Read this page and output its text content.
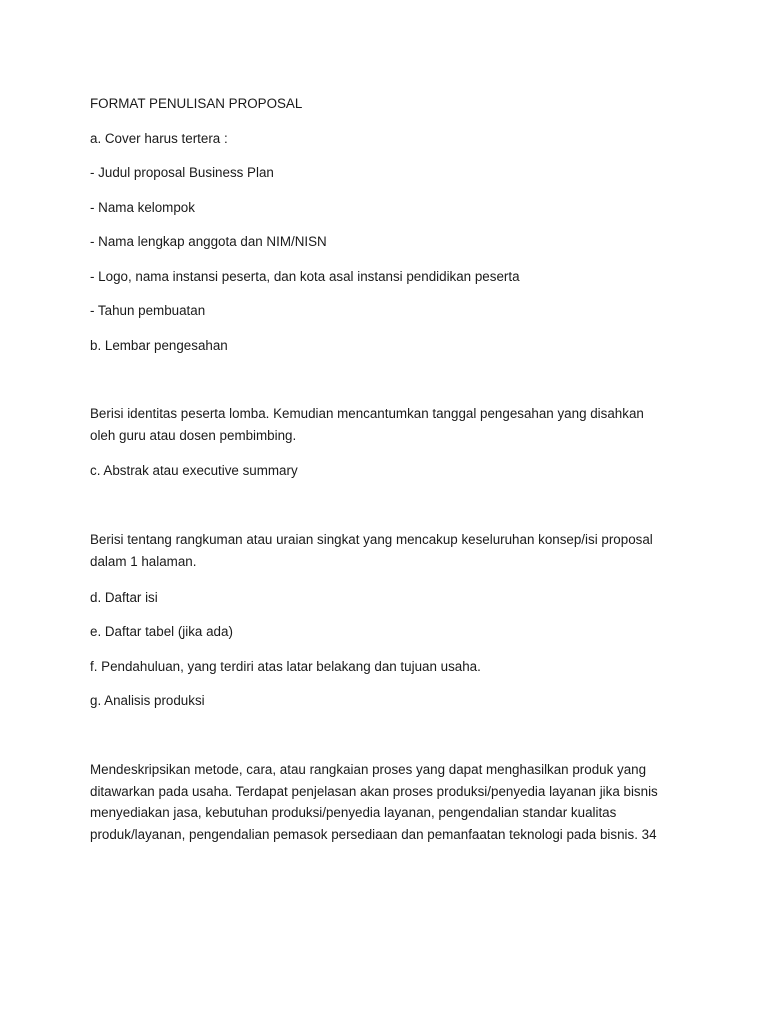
FORMAT PENULISAN PROPOSAL

a. Cover harus tertera :

- Judul proposal Business Plan

- Nama kelompok

- Nama lengkap anggota dan NIM/NISN

- Logo, nama instansi peserta, dan kota asal instansi pendidikan peserta

- Tahun pembuatan

b. Lembar pengesahan

Berisi identitas peserta lomba. Kemudian mencantumkan tanggal pengesahan yang disahkan
oleh guru atau dosen pembimbing.

c. Abstrak atau executive summary

Berisi tentang rangkuman atau uraian singkat yang mencakup keseluruhan konsep/isi proposal
dalam 1 halaman.

d. Daftar isi

e. Daftar tabel (jika ada)

f. Pendahuluan, yang terdiri atas latar belakang dan tujuan usaha.

g. Analisis produksi

Mendeskripsikan metode, cara, atau rangkaian proses yang dapat menghasilkan produk yang
ditawarkan pada usaha. Terdapat penjelasan akan proses produksi/penyedia layanan jika bisnis
menyediakan jasa, kebutuhan produksi/penyedia layanan, pengendalian standar kualitas
produk/layanan, pengendalian pemasok persediaan dan pemanfaatan teknologi pada bisnis. 34
